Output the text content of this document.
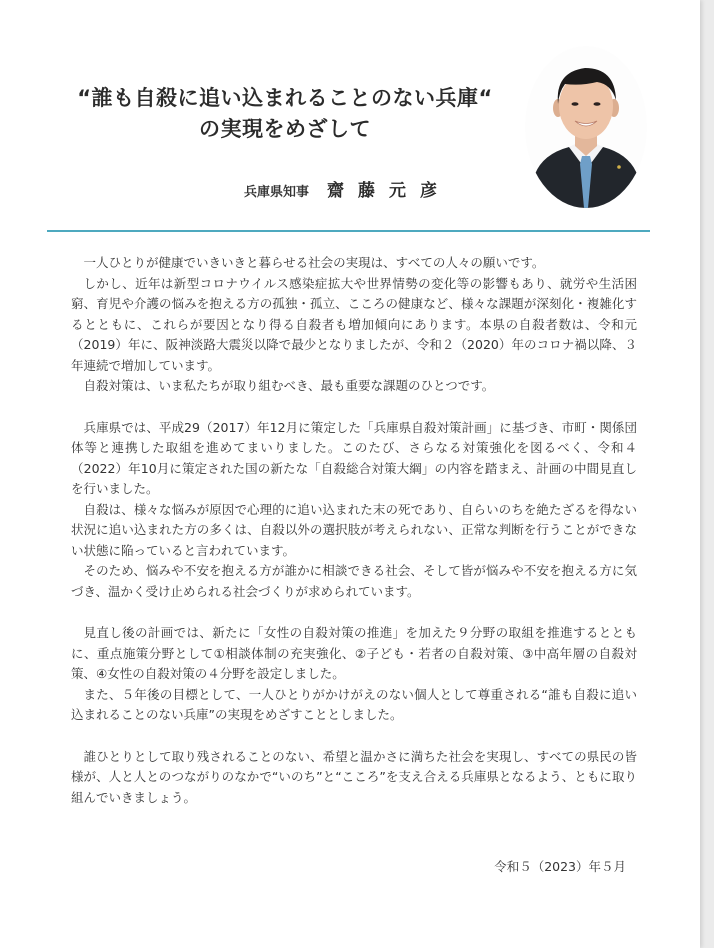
“誰も自殺に追い込まれることのない兵庫“
の実現をめざして
兵庫県知事 齋藤元彦

一人ひとりが健康でいきいきと暮らせる社会の実現は、すべての人々の願いです。

しかし、近年は新型コロナウイルス感染症拡大や世界情勢の変化等の影響もあり、就労や生活困窮、育児や介護の悩みを抱える方の孤独・孤立、こころの健康など、様々な課題が深刻化・複雑化するとともに、これらが要因となり得る自殺者も増加傾向にあります。本県の自殺者数は、令和元（2019）年に、阪神淡路大震災以降で最少となりましたが、令和２（2020）年のコロナ禍以降、３年連続で増加しています。

自殺対策は、いま私たちが取り組むべき、最も重要な課題のひとつです。

兵庫県では、平成29（2017）年12月に策定した「兵庫県自殺対策計画」に基づき、市町・関係団体等と連携した取組を進めてまいりました。このたび、さらなる対策強化を図るべく、令和４（2022）年10月に策定された国の新たな「自殺総合対策大綱」の内容を踏まえ、計画の中間見直しを行いました。

自殺は、様々な悩みが原因で心理的に追い込まれた末の死であり、自らいのちを絶たざるを得ない状況に追い込まれた方の多くは、自殺以外の選択肢が考えられない、正常な判断を行うことができない状態に陥っていると言われています。

そのため、悩みや不安を抱える方が誰かに相談できる社会、そして皆が悩みや不安を抱える方に気づき、温かく受け止められる社会づくりが求められています。

見直し後の計画では、新たに「女性の自殺対策の推進」を加えた９分野の取組を推進するとともに、重点施策分野として①相談体制の充実強化、②子ども・若者の自殺対策、③中高年層の自殺対策、④女性の自殺対策の４分野を設定しました。

また、５年後の目標として、一人ひとりがかけがえのない個人として尊重される“誰も自殺に追い込まれることのない兵庫”の実現をめざすこととしました。

誰ひとりとして取り残されることのない、希望と温かさに満ちた社会を実現し、すべての県民の皆様が、人と人とのつながりのなかで“いのち”と“こころ”を支え合える兵庫県となるよう、ともに取り組んでいきましょう。

令和５（2023）年５月
